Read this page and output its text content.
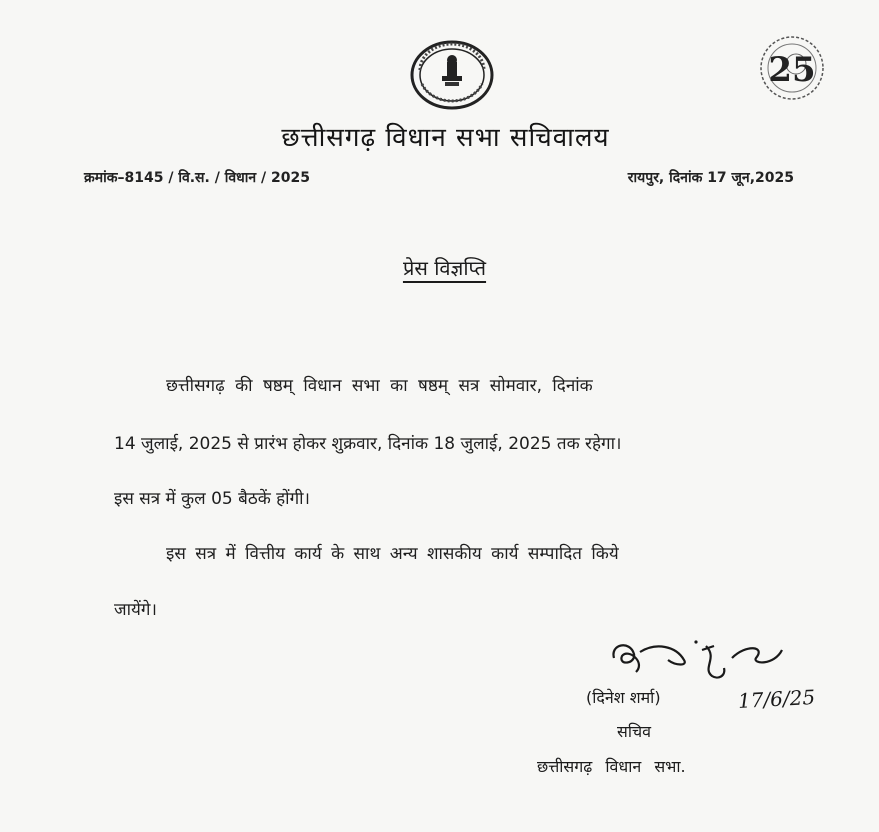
25
छत्तीसगढ़ विधान सभा सचिवालय
क्रमांक–8145 / वि.स. / विधान / 2025	रायपुर, दिनांक 17 जून,2025
प्रेस विज्ञप्ति
छत्तीसगढ़ की षष्ठम् विधान सभा का षष्ठम् सत्र सोमवार, दिनांक
14 जुलाई, 2025 से प्रारंभ होकर शुक्रवार, दिनांक 18 जुलाई, 2025 तक रहेगा।
इस सत्र में कुल 05 बैठकें होंगी।
इस सत्र में वित्तीय कार्य के साथ अन्य शासकीय कार्य सम्पादित किये
जायेंगे।
(दिनेश शर्मा)	17/6/25
सचिव
छत्तीसगढ़ विधान सभा.
